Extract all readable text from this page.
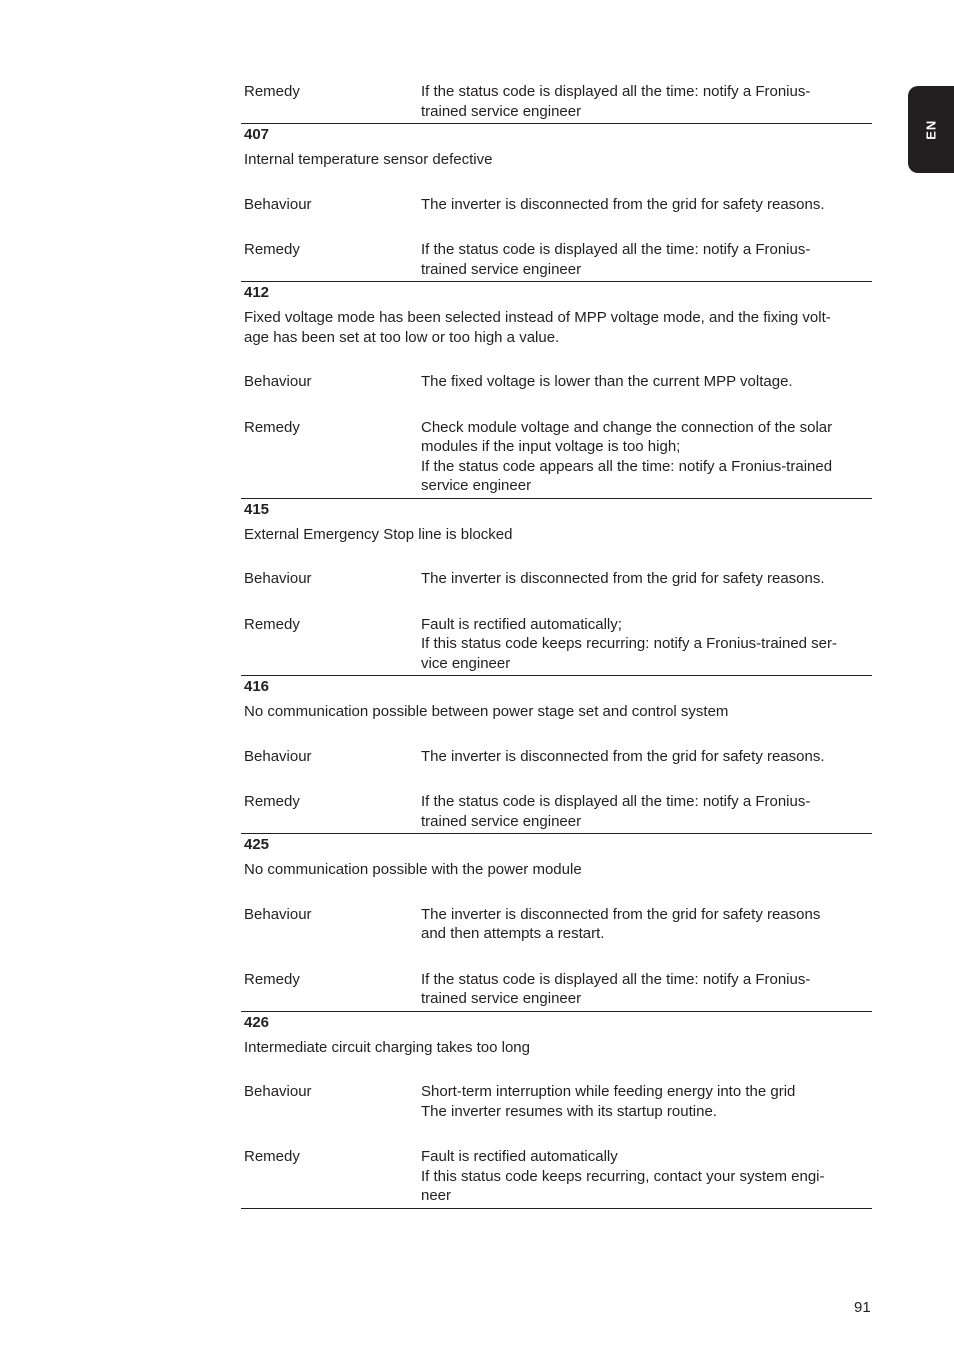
Remedy	If the status code is displayed all the time: notify a Fronius-
trained service engineer
407
Internal temperature sensor defective
Behaviour	The inverter is disconnected from the grid for safety reasons.
Remedy	If the status code is displayed all the time: notify a Fronius-
trained service engineer
412
Fixed voltage mode has been selected instead of MPP voltage mode, and the fixing volt-
age has been set at too low or too high a value.
Behaviour	The fixed voltage is lower than the current MPP voltage.
Remedy	Check module voltage and change the connection of the solar
modules if the input voltage is too high;
If the status code appears all the time: notify a Fronius-trained
service engineer
415
External Emergency Stop line is blocked
Behaviour	The inverter is disconnected from the grid for safety reasons.
Remedy	Fault is rectified automatically;
If this status code keeps recurring: notify a Fronius-trained ser-
vice engineer
416
No communication possible between power stage set and control system
Behaviour	The inverter is disconnected from the grid for safety reasons.
Remedy	If the status code is displayed all the time: notify a Fronius-
trained service engineer
425
No communication possible with the power module
Behaviour	The inverter is disconnected from the grid for safety reasons
and then attempts a restart.
Remedy	If the status code is displayed all the time: notify a Fronius-
trained service engineer
426
Intermediate circuit charging takes too long
Behaviour	Short-term interruption while feeding energy into the grid
The inverter resumes with its startup routine.
Remedy	Fault is rectified automatically
If this status code keeps recurring, contact your system engi-
neer
EN
91
